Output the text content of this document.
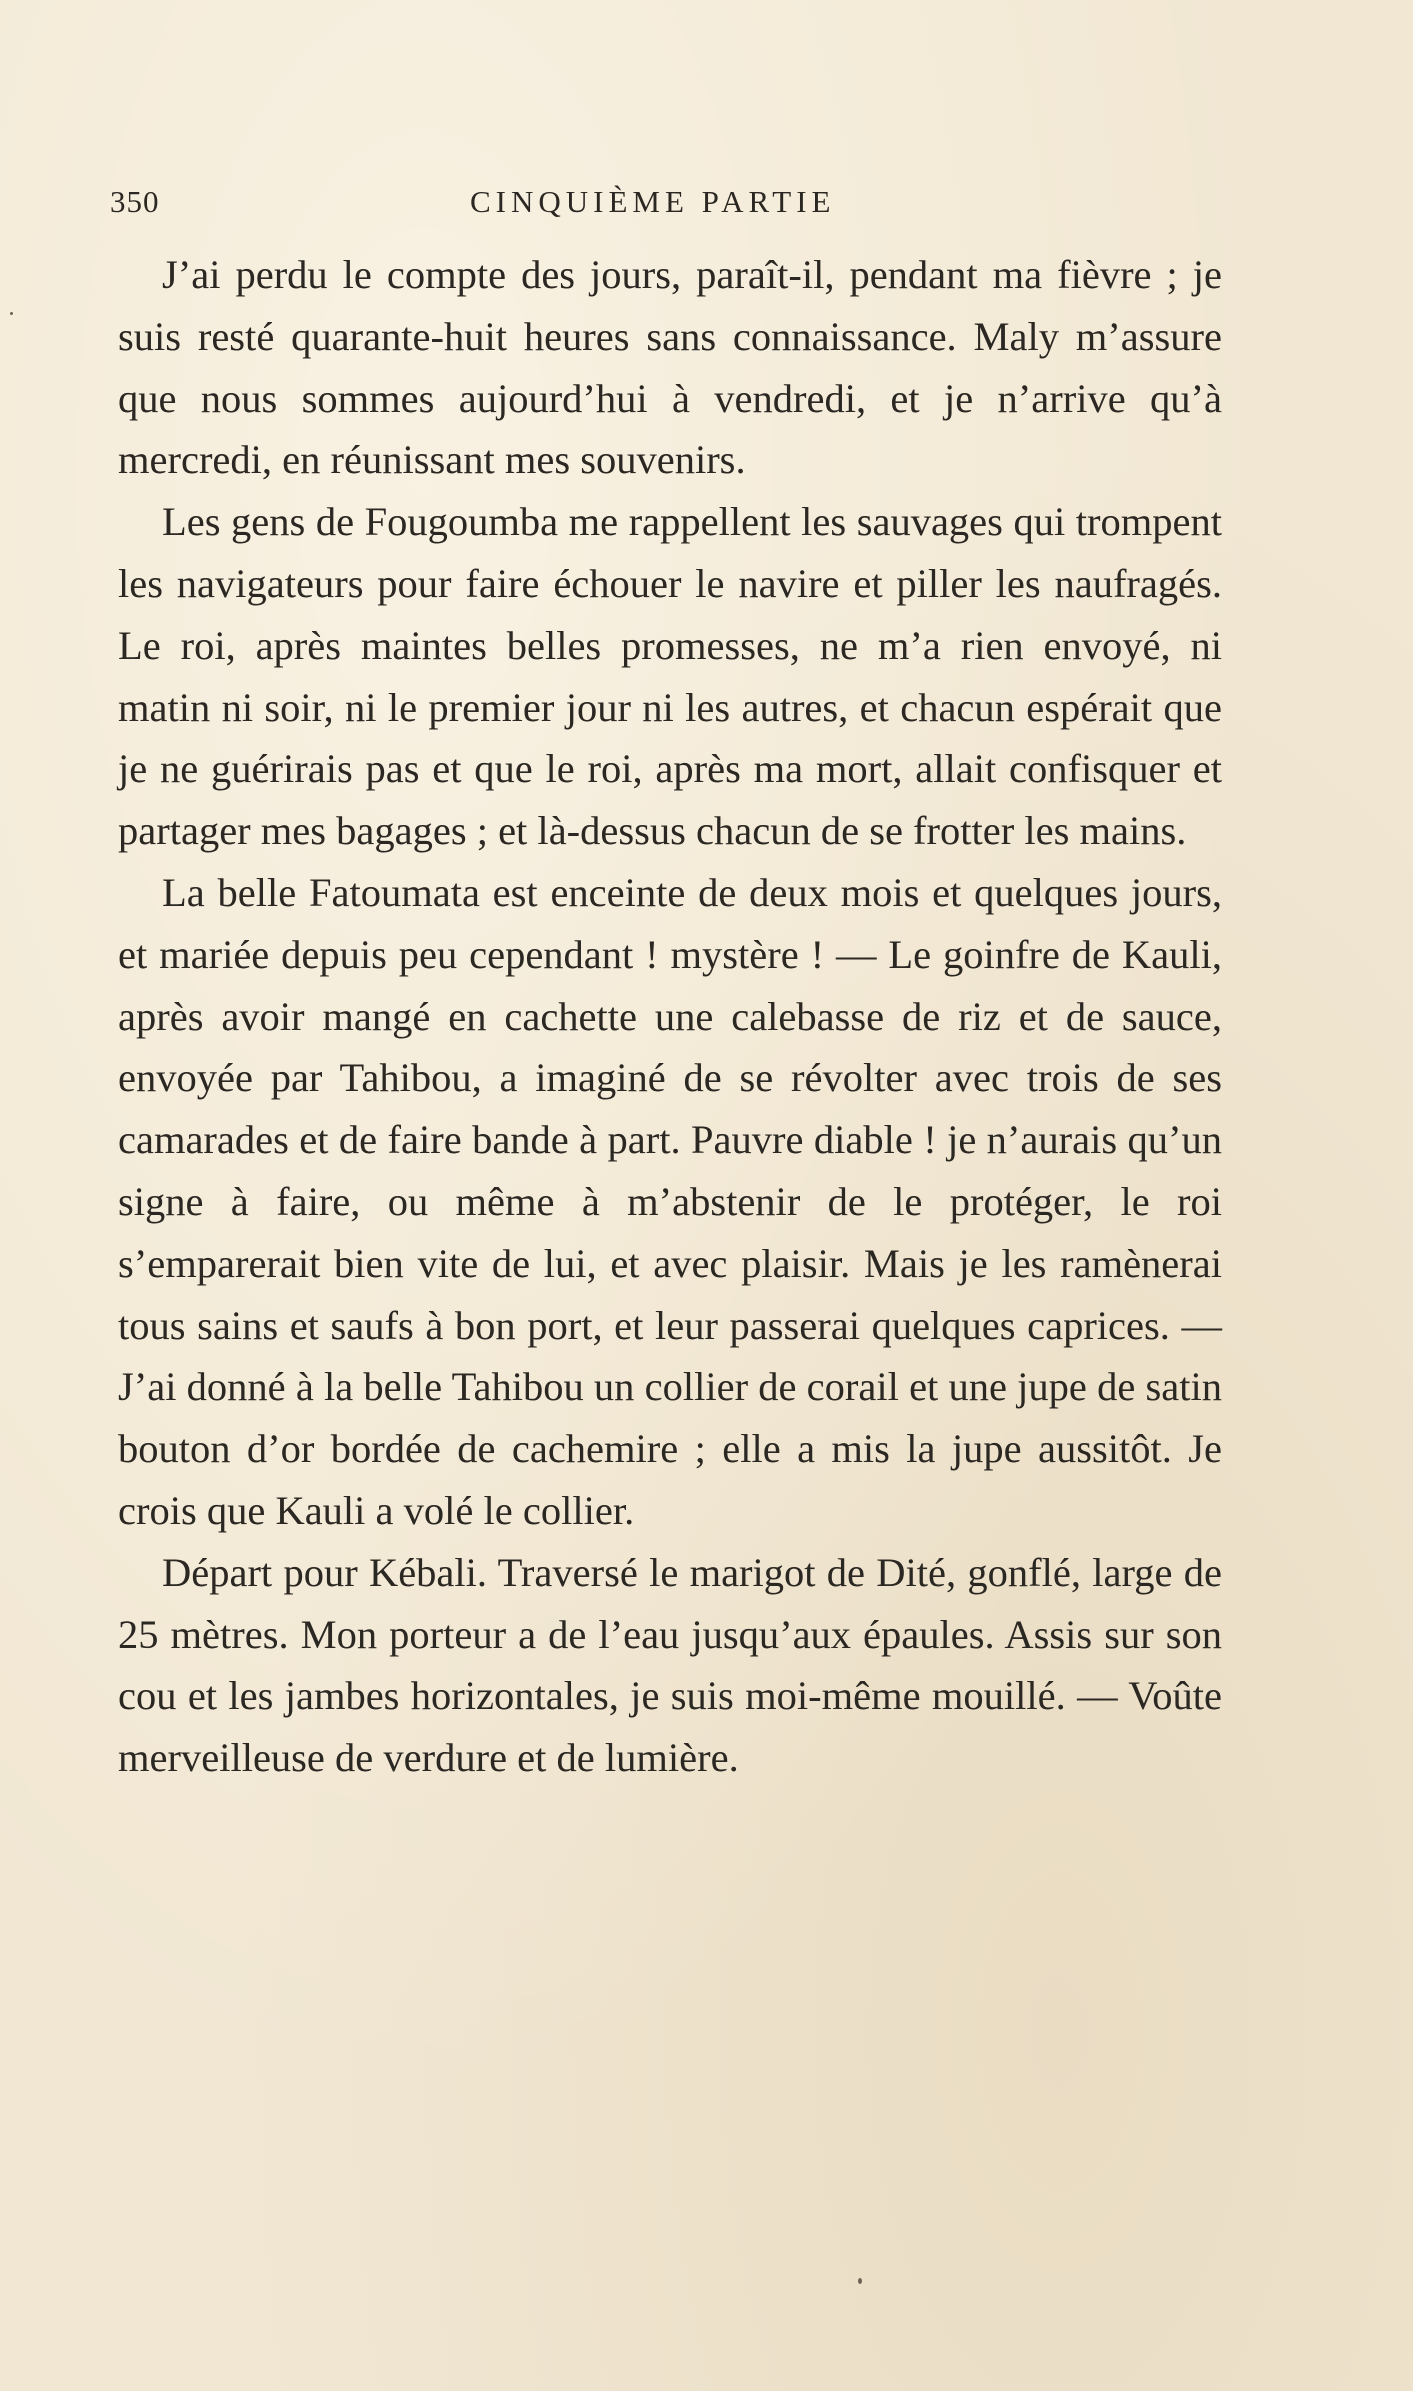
350	CINQUIÈME PARTIE

J’ai perdu le compte des jours, paraît-il, pendant ma fièvre ; je suis resté quarante-huit heures sans connaissance. Maly m’assure que nous sommes aujourd’hui à vendredi, et je n’arrive qu’à mercredi, en réunissant mes souvenirs.

Les gens de Fougoumba me rappellent les sauvages qui trompent les navigateurs pour faire échouer le navire et piller les naufragés. Le roi, après maintes belles promesses, ne m’a rien envoyé, ni matin ni soir, ni le premier jour ni les autres, et chacun espérait que je ne guérirais pas et que le roi, après ma mort, allait confisquer et partager mes bagages ; et là-dessus chacun de se frotter les mains.

La belle Fatoumata est enceinte de deux mois et quelques jours, et mariée depuis peu cependant ! mystère ! — Le goinfre de Kauli, après avoir mangé en cachette une calebasse de riz et de sauce, envoyée par Tahibou, a imaginé de se révolter avec trois de ses camarades et de faire bande à part. Pauvre diable ! je n’aurais qu’un signe à faire, ou même à m’abstenir de le protéger, le roi s’emparerait bien vite de lui, et avec plaisir. Mais je les ramènerai tous sains et saufs à bon port, et leur passerai quelques caprices. — J’ai donné à la belle Tahibou un collier de corail et une jupe de satin bouton d’or bordée de cachemire ; elle a mis la jupe aussitôt. Je crois que Kauli a volé le collier.

Départ pour Kébali. Traversé le marigot de Dité, gonflé, large de 25 mètres. Mon porteur a de l’eau jusqu’aux épaules. Assis sur son cou et les jambes horizontales, je suis moi-même mouillé. — Voûte merveilleuse de verdure et de lumière.
